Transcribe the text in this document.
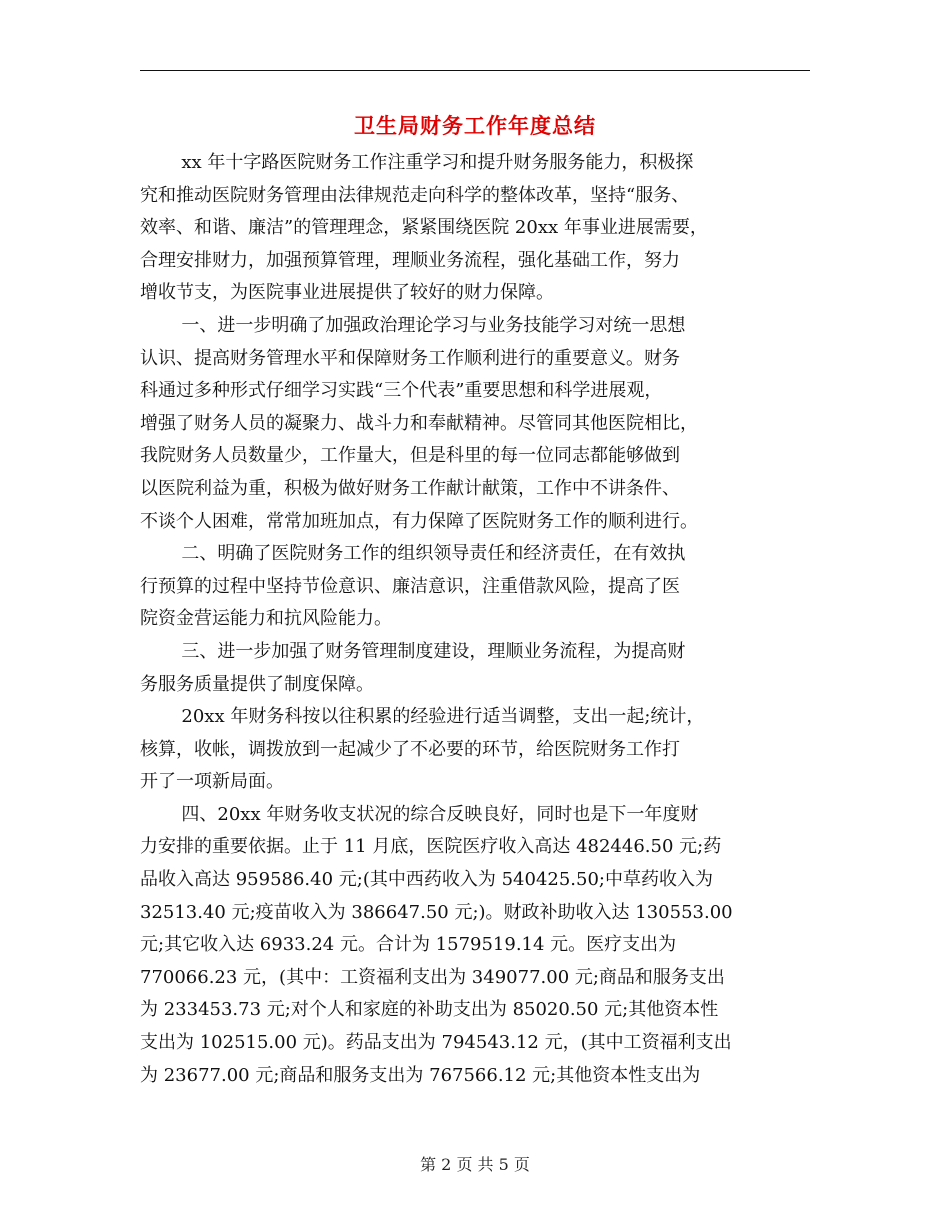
卫生局财务工作年度总结

xx 年十字路医院财务工作注重学习和提升财务服务能力，积极探
究和推动医院财务管理由法律规范走向科学的整体改革，坚持“服务、
效率、和谐、廉洁”的管理理念，紧紧围绕医院 20xx 年事业进展需要，
合理安排财力，加强预算管理，理顺业务流程，强化基础工作，努力
增收节支，为医院事业进展提供了较好的财力保障。

一、进一步明确了加强政治理论学习与业务技能学习对统一思想
认识、提高财务管理水平和保障财务工作顺利进行的重要意义。财务
科通过多种形式仔细学习实践“三个代表”重要思想和科学进展观，
增强了财务人员的凝聚力、战斗力和奉献精神。尽管同其他医院相比，
我院财务人员数量少，工作量大，但是科里的每一位同志都能够做到
以医院利益为重，积极为做好财务工作献计献策，工作中不讲条件、
不谈个人困难，常常加班加点，有力保障了医院财务工作的顺利进行。

二、明确了医院财务工作的组织领导责任和经济责任，在有效执
行预算的过程中坚持节俭意识、廉洁意识，注重借款风险，提高了医
院资金营运能力和抗风险能力。

三、进一步加强了财务管理制度建设，理顺业务流程，为提高财
务服务质量提供了制度保障。

20xx 年财务科按以往积累的经验进行适当调整，支出一起;统计，
核算，收帐，调拨放到一起减少了不必要的环节，给医院财务工作打
开了一项新局面。

四、20xx 年财务收支状况的综合反映良好，同时也是下一年度财
力安排的重要依据。止于 11 月底，医院医疗收入高达 482446.50 元;药
品收入高达 959586.40 元;(其中西药收入为 540425.50;中草药收入为
32513.40 元;疫苗收入为 386647.50 元;)。财政补助收入达 130553.00
元;其它收入达 6933.24 元。合计为 1579519.14 元。医疗支出为
770066.23 元，(其中：工资福利支出为 349077.00 元;商品和服务支出
为 233453.73 元;对个人和家庭的补助支出为 85020.50 元;其他资本性
支出为 102515.00 元)。药品支出为 794543.12 元，(其中工资福利支出
为 23677.00 元;商品和服务支出为 767566.12 元;其他资本性支出为

第 2 页 共 5 页
